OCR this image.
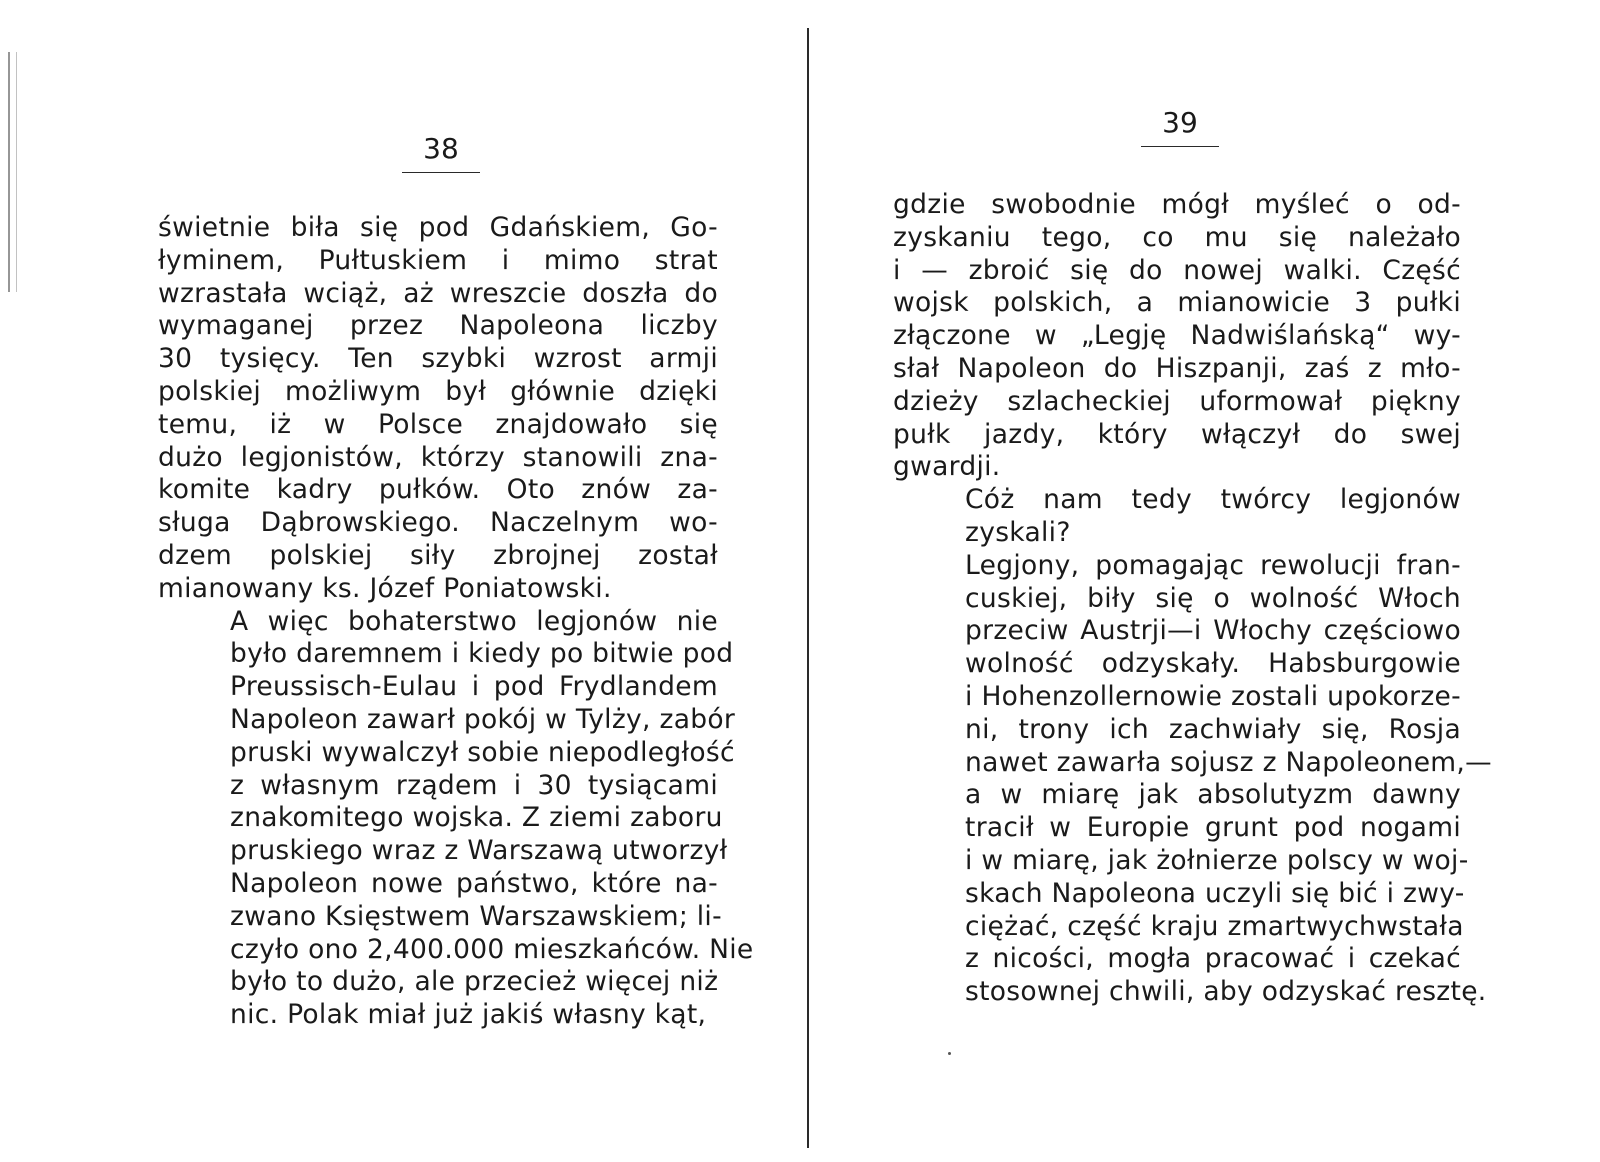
38
39

świetnie biła się pod Gdańskiem, Go-
łyminem, Pułtuskiem i mimo strat
wzrastała wciąż, aż wreszcie doszła do
wymaganej przez Napoleona liczby
30 tysięcy. Ten szybki wzrost armji
polskiej możliwym był głównie dzięki
temu, iż w Polsce znajdowało się
dużo legjonistów, którzy stanowili zna-
komite kadry pułków. Oto znów za-
sługa Dąbrowskiego. Naczelnym wo-
dzem polskiej siły zbrojnej został
mianowany ks. Józef Poniatowski.

A więc bohaterstwo legjonów nie
było daremnem i kiedy po bitwie pod
Preussisch-Eulau i pod Frydlandem
Napoleon zawarł pokój w Tylży, zabór
pruski wywalczył sobie niepodległość
z własnym rządem i 30 tysiącami
znakomitego wojska. Z ziemi zaboru
pruskiego wraz z Warszawą utworzył
Napoleon nowe państwo, które na-
zwano Księstwem Warszawskiem; li-
czyło ono 2,400.000 mieszkańców. Nie
było to dużo, ale przecież więcej niż
nic. Polak miał już jakiś własny kąt,

gdzie swobodnie mógł myśleć o od-
zyskaniu tego, co mu się należało
i — zbroić się do nowej walki. Część
wojsk polskich, a mianowicie 3 pułki
złączone w „Legję Nadwiślańską“ wy-
słał Napoleon do Hiszpanji, zaś z mło-
dzieży szlacheckiej uformował piękny
pułk jazdy, który włączył do swej
gwardji.

Cóż nam tedy twórcy legjonów
zyskali?

Legjony, pomagając rewolucji fran-
cuskiej, biły się o wolność Włoch
przeciw Austrji—i Włochy częściowo
wolność odzyskały. Habsburgowie
i Hohenzollernowie zostali upokorze-
ni, trony ich zachwiały się, Rosja
nawet zawarła sojusz z Napoleonem,—
a w miarę jak absolutyzm dawny
tracił w Europie grunt pod nogami
i w miarę, jak żołnierze polscy w woj-
skach Napoleona uczyli się bić i zwy-
ciężać, część kraju zmartwychwstała
z nicości, mogła pracować i czekać
stosownej chwili, aby odzyskać resztę.
